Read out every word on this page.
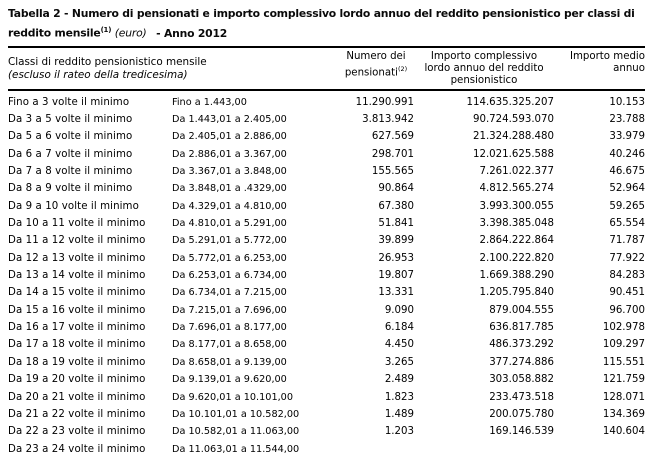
Tabella 2 - Numero di pensionati e importo complessivo lordo annuo del reddito pensionistico per classi di reddito mensile$^{(1)}$ (euro) - Anno 2012
Classi di reddito pensionistico mensile
(escluso il rateo della tredicesima)
Numero dei
pensionati$^{(2)}$
Importo complessivo
lordo annuo del reddito
pensionistico
Importo medio
annuo
Fino a 3 volte il minimo	Fino a 1.443,00	11.290.991	114.635.325.207	10.153
Da 3 a 5 volte il minimo	Da 1.443,01 a 2.405,00	3.813.942	90.724.593.070	23.788
Da 5 a 6 volte il minimo	Da 2.405,01 a 2.886,00	627.569	21.324.288.480	33.979
Da 6 a 7 volte il minimo	Da 2.886,01 a 3.367,00	298.701	12.021.625.588	40.246
Da 7 a 8 volte il minimo	Da 3.367,01 a 3.848,00	155.565	7.261.022.377	46.675
Da 8 a 9 volte il minimo	Da 3.848,01 a .4329,00	90.864	4.812.565.274	52.964
Da 9 a 10 volte il minimo	Da 4.329,01 a 4.810,00	67.380	3.993.300.055	59.265
Da 10 a 11 volte il minimo	Da 4.810,01 a 5.291,00	51.841	3.398.385.048	65.554
Da 11 a 12 volte il minimo	Da 5.291,01 a 5.772,00	39.899	2.864.222.864	71.787
Da 12 a 13 volte il minimo	Da 5.772,01 a 6.253,00	26.953	2.100.222.820	77.922
Da 13 a 14 volte il minimo	Da 6.253,01 a 6.734,00	19.807	1.669.388.290	84.283
Da 14 a 15 volte il minimo	Da 6.734,01 a 7.215,00	13.331	1.205.795.840	90.451
Da 15 a 16 volte il minimo	Da 7.215,01 a 7.696,00	9.090	879.004.555	96.700
Da 16 a 17 volte il minimo	Da 7.696,01 a 8.177,00	6.184	636.817.785	102.978
Da 17 a 18 volte il minimo	Da 8.177,01 a 8.658,00	4.450	486.373.292	109.297
Da 18 a 19 volte il minimo	Da 8.658,01 a 9.139,00	3.265	377.274.886	115.551
Da 19 a 20 volte il minimo	Da 9.139,01 a 9.620,00	2.489	303.058.882	121.759
Da 20 a 21 volte il minimo	Da 9.620,01 a 10.101,00	1.823	233.473.518	128.071
Da 21 a 22 volte il minimo	Da 10.101,01 a 10.582,00	1.489	200.075.780	134.369
Da 22 a 23 volte il minimo	Da 10.582,01 a 11.063,00	1.203	169.146.539	140.604
Da 23 a 24 volte il minimo	Da 11.063,01 a 11.544,00
